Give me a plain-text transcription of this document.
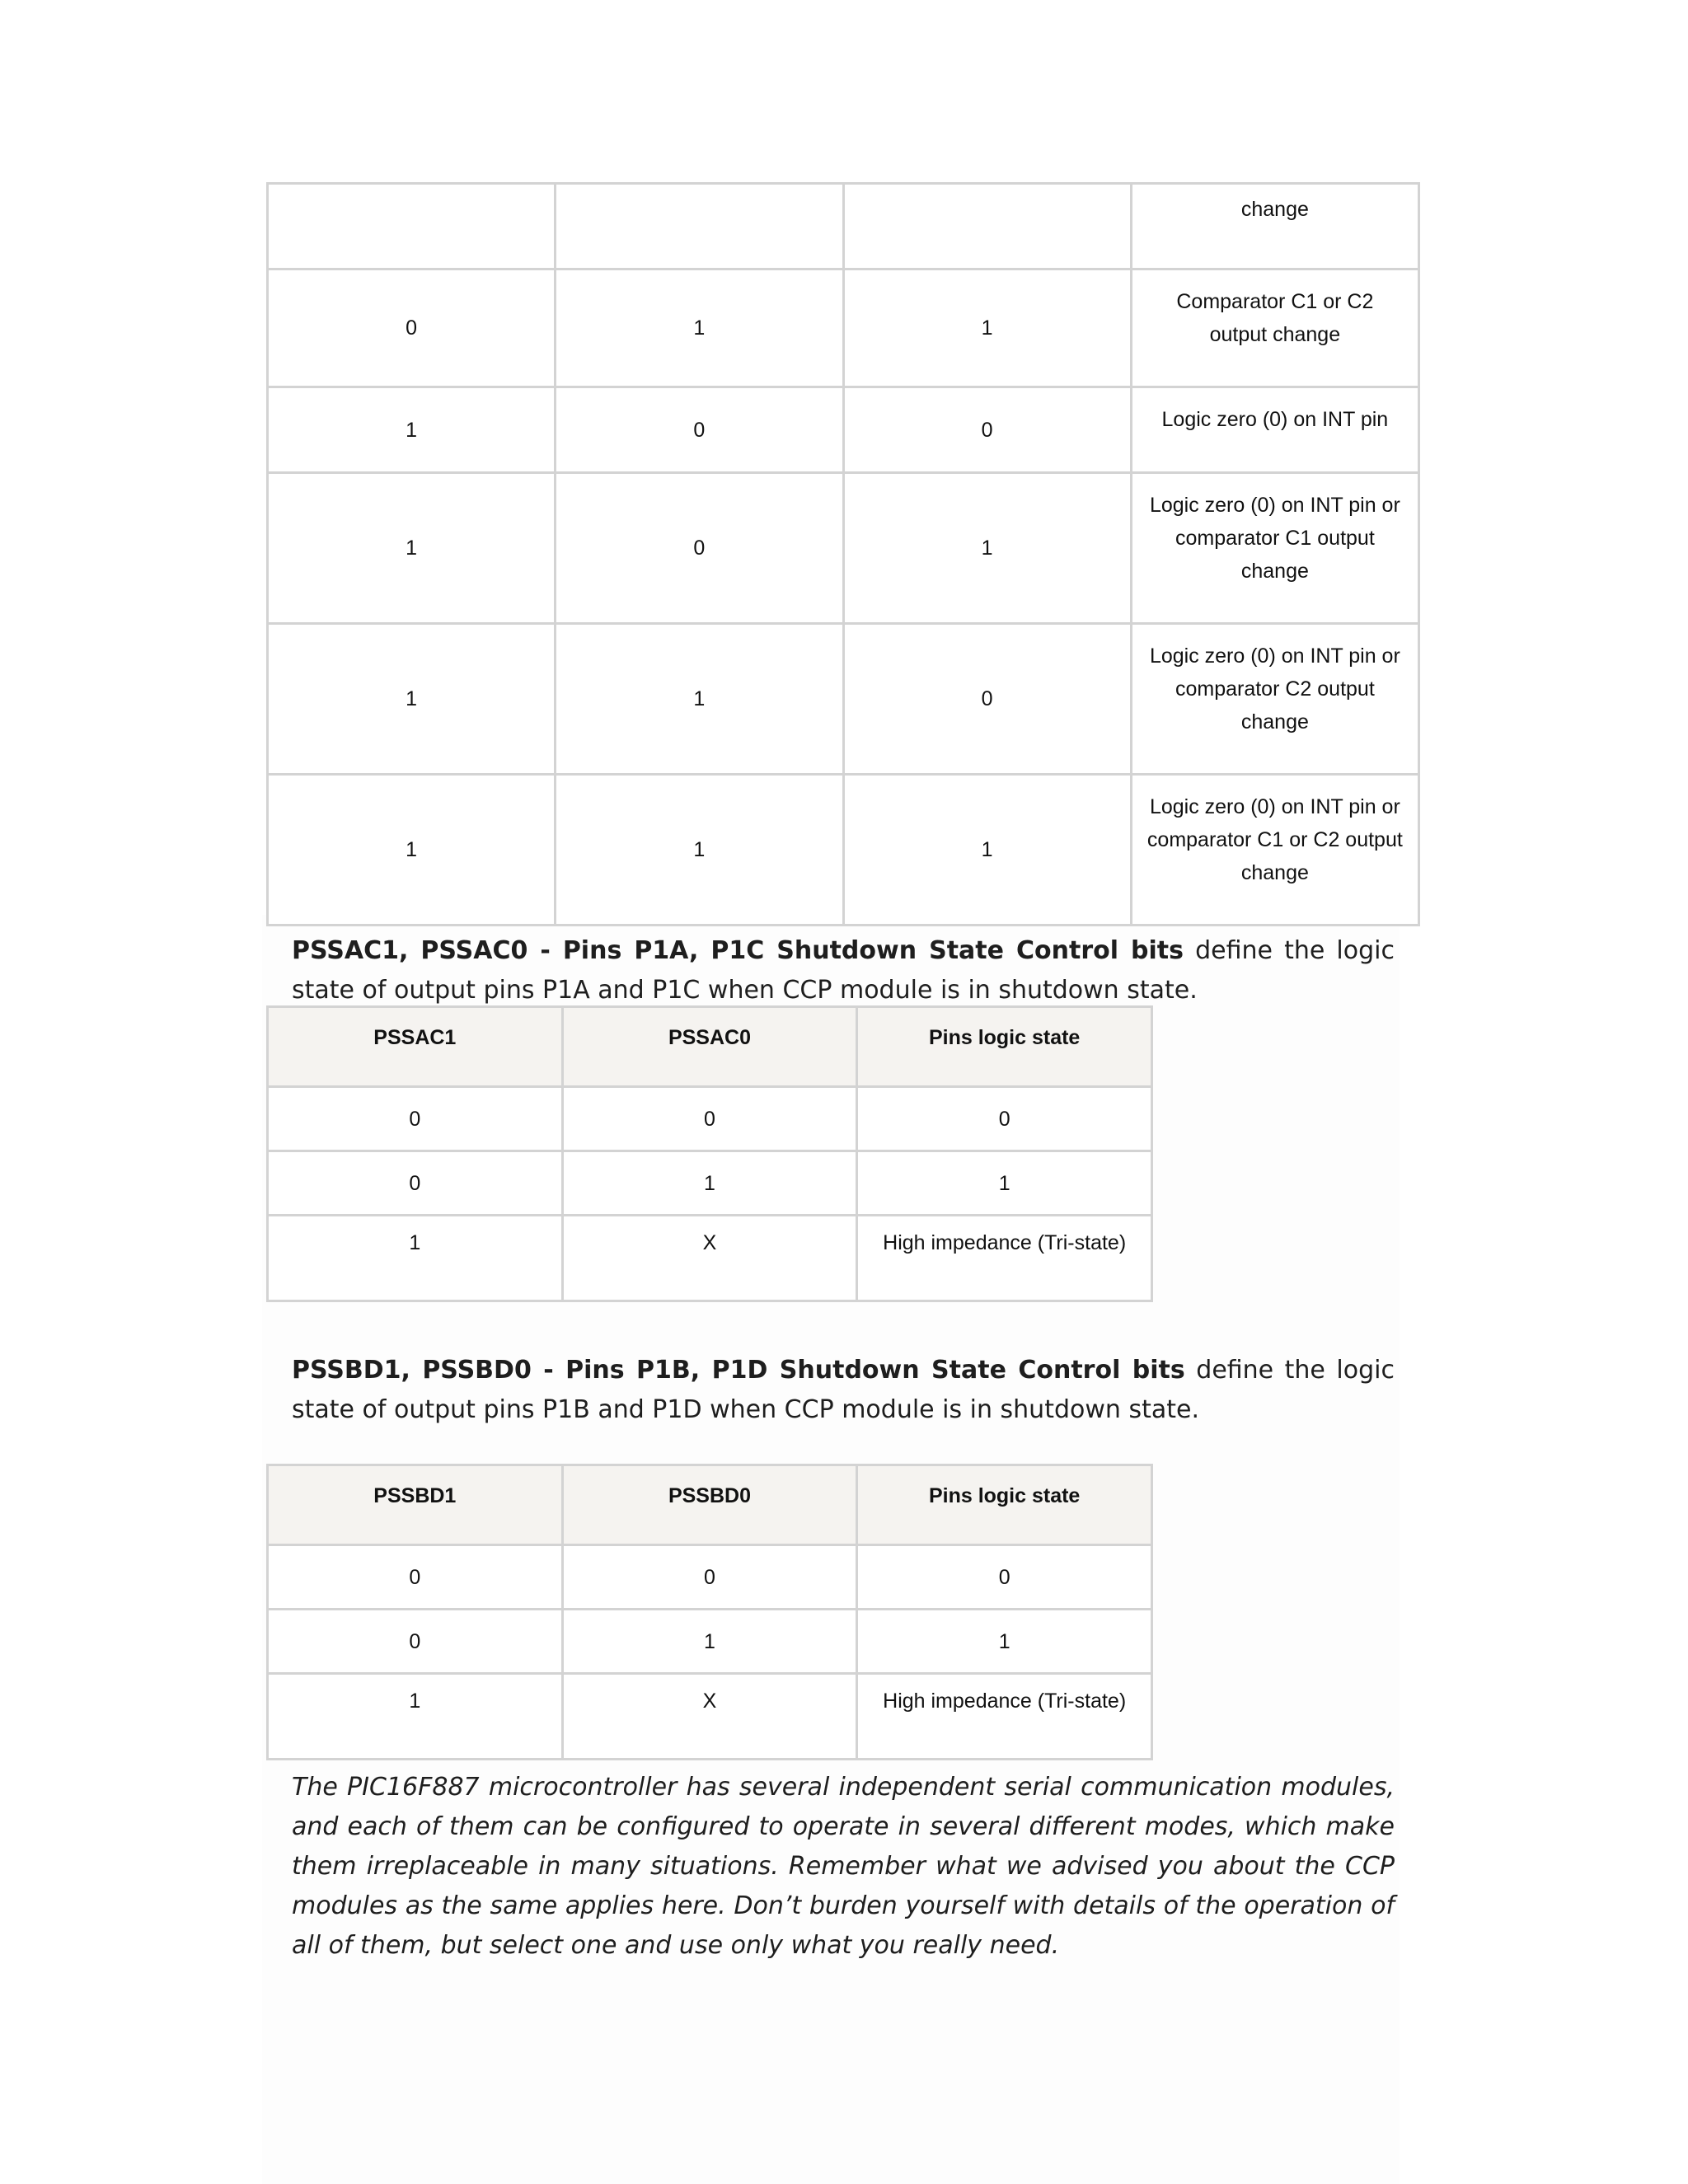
			change
0	1	1	Comparator C1 or C2 output change
1	0	0	Logic zero (0) on INT pin
1	0	1	Logic zero (0) on INT pin or comparator C1 output change
1	1	0	Logic zero (0) on INT pin or comparator C2 output change
1	1	1	Logic zero (0) on INT pin or comparator C1 or C2 output change

PSSAC1, PSSAC0 - Pins P1A, P1C Shutdown State Control bits define the logic state of output pins P1A and P1C when CCP module is in shutdown state.

PSSAC1	PSSAC0	Pins logic state
0	0	0
0	1	1
1	X	High impedance (Tri-state)

PSSBD1, PSSBD0 - Pins P1B, P1D Shutdown State Control bits define the logic state of output pins P1B and P1D when CCP module is in shutdown state.

PSSBD1	PSSBD0	Pins logic state
0	0	0
0	1	1
1	X	High impedance (Tri-state)

The PIC16F887 microcontroller has several independent serial communication modules, and each of them can be configured to operate in several different modes, which make them irreplaceable in many situations. Remember what we advised you about the CCP modules as the same applies here. Don’t burden yourself with details of the operation of all of them, but select one and use only what you really need.
